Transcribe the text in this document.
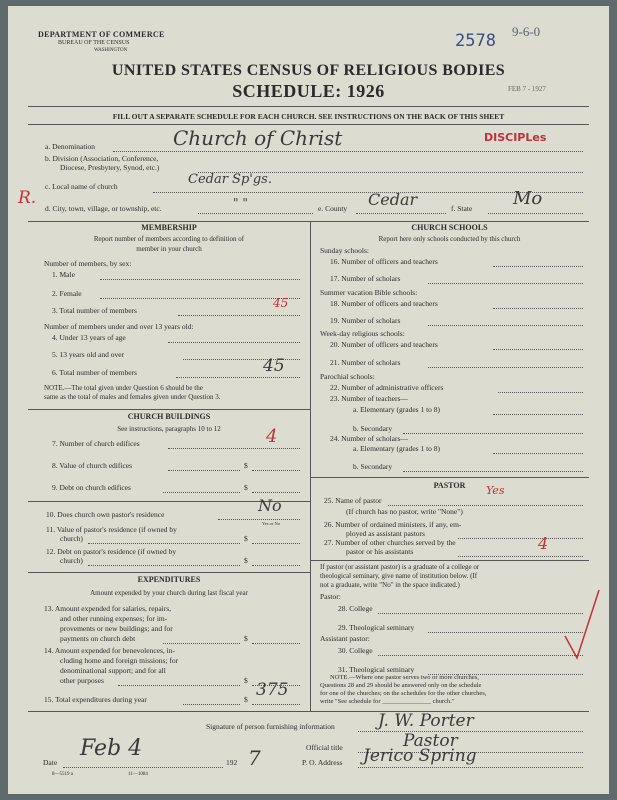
DEPARTMENT OF COMMERCE
BUREAU OF THE CENSUS
WASHINGTON	2578 9-6-0
FEB 7 - 1927
UNITED STATES CENSUS OF RELIGIOUS BODIES
SCHEDULE: 1926
FILL OUT A SEPARATE SCHEDULE FOR EACH CHURCH. SEE INSTRUCTIONS ON THE BACK OF THIS SHEET
a. Denomination	Church of Christ	DISCIPLes
b. Division (Association, Conference,
Diocese, Presbytery, Synod, etc.)
c. Local name of church	Cedar Sp'gs.
R.
d. City, town, village, or township, etc.	" "	e. County Cedar	f. State Mo
MEMBERSHIP
Report number of members according to definition of
member in your church
Number of members, by sex:
1. Male
2. Female
3. Total number of members
45
Number of members under and over 13 years old:
4. Under 13 years of age
5. 13 years old and over
6. Total number of members	45
NOTE.—The total given under Question 6 should be the
same as the total of males and females given under Question 3.
CHURCH BUILDINGS
See instructions, paragraphs 10 to 12
7. Number of church edifices	4
8. Value of church edifices	$
9. Debt on church edifices	$
10. Does church own pastor's residence	No
Yes or No
11. Value of pastor's residence (if owned by
church)	$
12. Debt on pastor's residence (if owned by
church)	$
EXPENDITURES
Amount expended by your church during last fiscal year
13. Amount expended for salaries, repairs,
and other running expenses; for im-
provements or new buildings; and for
payments on church debt	$
14. Amount expended for benevolences, in-
cluding home and foreign missions; for
denominational support; and for all
other purposes	$
15. Total expenditures during year	$ 375
CHURCH SCHOOLS
Report here only schools conducted by this church
Sunday schools:
16. Number of officers and teachers
17. Number of scholars
Summer vacation Bible schools:
18. Number of officers and teachers
19. Number of scholars
Week-day religious schools:
20. Number of officers and teachers
21. Number of scholars
Parochial schools:
22. Number of administrative officers
23. Number of teachers—
a. Elementary (grades 1 to 8)
b. Secondary
24. Number of scholars—
a. Elementary (grades 1 to 8)
b. Secondary
PASTOR
25. Name of pastor
Yes
(If church has no pastor, write "None")
26. Number of ordained ministers, if any, em-
ployed as assistant pastors
27. Number of other churches served by the
pastor or his assistants	4
If pastor (or assistant pastor) is a graduate of a college or
theological seminary, give name of institution below. (If
not a graduate, write "No" in the space indicated.)
Pastor:
28. College
29. Theological seminary
Assistant pastor:
30. College
31. Theological seminary
NOTE.—Where one pastor serves two or more churches,
Questions 28 and 29 should be answered only on the schedule
for one of the churches; on the schedules for the other churches,
write "See schedule for _______________ church."
Signature of person furnishing information	J. W. Porter
Official title	Pastor
Date
Feb 4
192 7	P. O. Address Jerico Spring
8—5519 a	11—1084
